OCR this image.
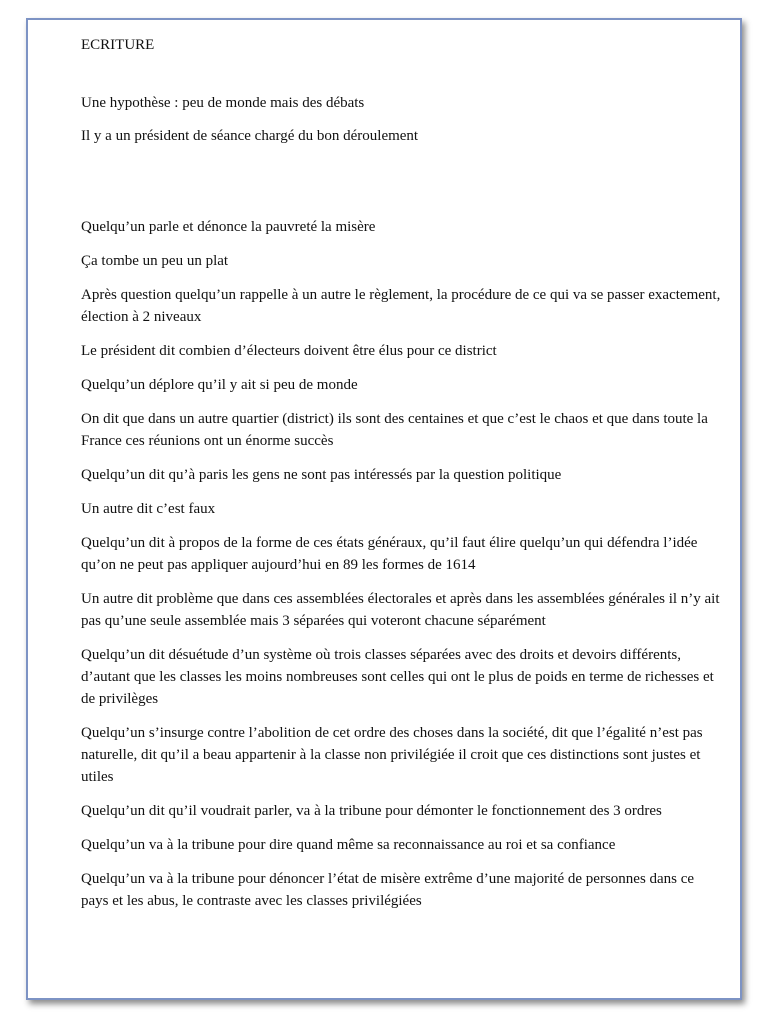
ECRITURE

Une hypothèse : peu de monde mais des débats

Il y a un président de séance chargé du bon déroulement

Quelqu’un parle et dénonce la pauvreté la misère

Ça tombe un peu un plat

Après question quelqu’un rappelle à un autre le règlement, la procédure de ce qui va se passer exactement, élection à 2 niveaux

Le président dit combien d’électeurs doivent être élus pour ce district

Quelqu’un déplore qu’il y ait si peu de monde

On dit que dans un autre quartier (district) ils sont des centaines et que c’est le chaos et que dans toute la France ces réunions ont un énorme succès

Quelqu’un dit qu’à paris les gens ne sont pas intéressés par la question politique

Un autre dit c’est faux

Quelqu’un dit à propos de la forme de ces états généraux, qu’il faut élire quelqu’un qui défendra l’idée qu’on ne peut pas appliquer aujourd’hui en 89 les formes de 1614

Un autre dit problème que dans ces assemblées électorales et après dans les assemblées générales il n’y ait pas qu’une seule assemblée mais 3 séparées qui voteront chacune séparément

Quelqu’un dit désuétude d’un système où trois classes séparées avec des droits et devoirs différents, d’autant que les classes les moins nombreuses sont celles qui ont le plus de poids en terme de richesses et de privilèges

Quelqu’un s’insurge contre l’abolition de cet ordre des choses dans la société, dit que l’égalité n’est pas naturelle, dit qu’il a beau appartenir à la classe non privilégiée il croit que ces distinctions sont justes et utiles

Quelqu’un dit qu’il voudrait parler, va à la tribune pour démonter le fonctionnement des 3 ordres

Quelqu’un va à la tribune pour dire quand même sa reconnaissance au roi et sa confiance

Quelqu’un va à la tribune pour dénoncer l’état de misère extrême d’une majorité de personnes dans ce pays et les abus, le contraste avec les classes privilégiées
